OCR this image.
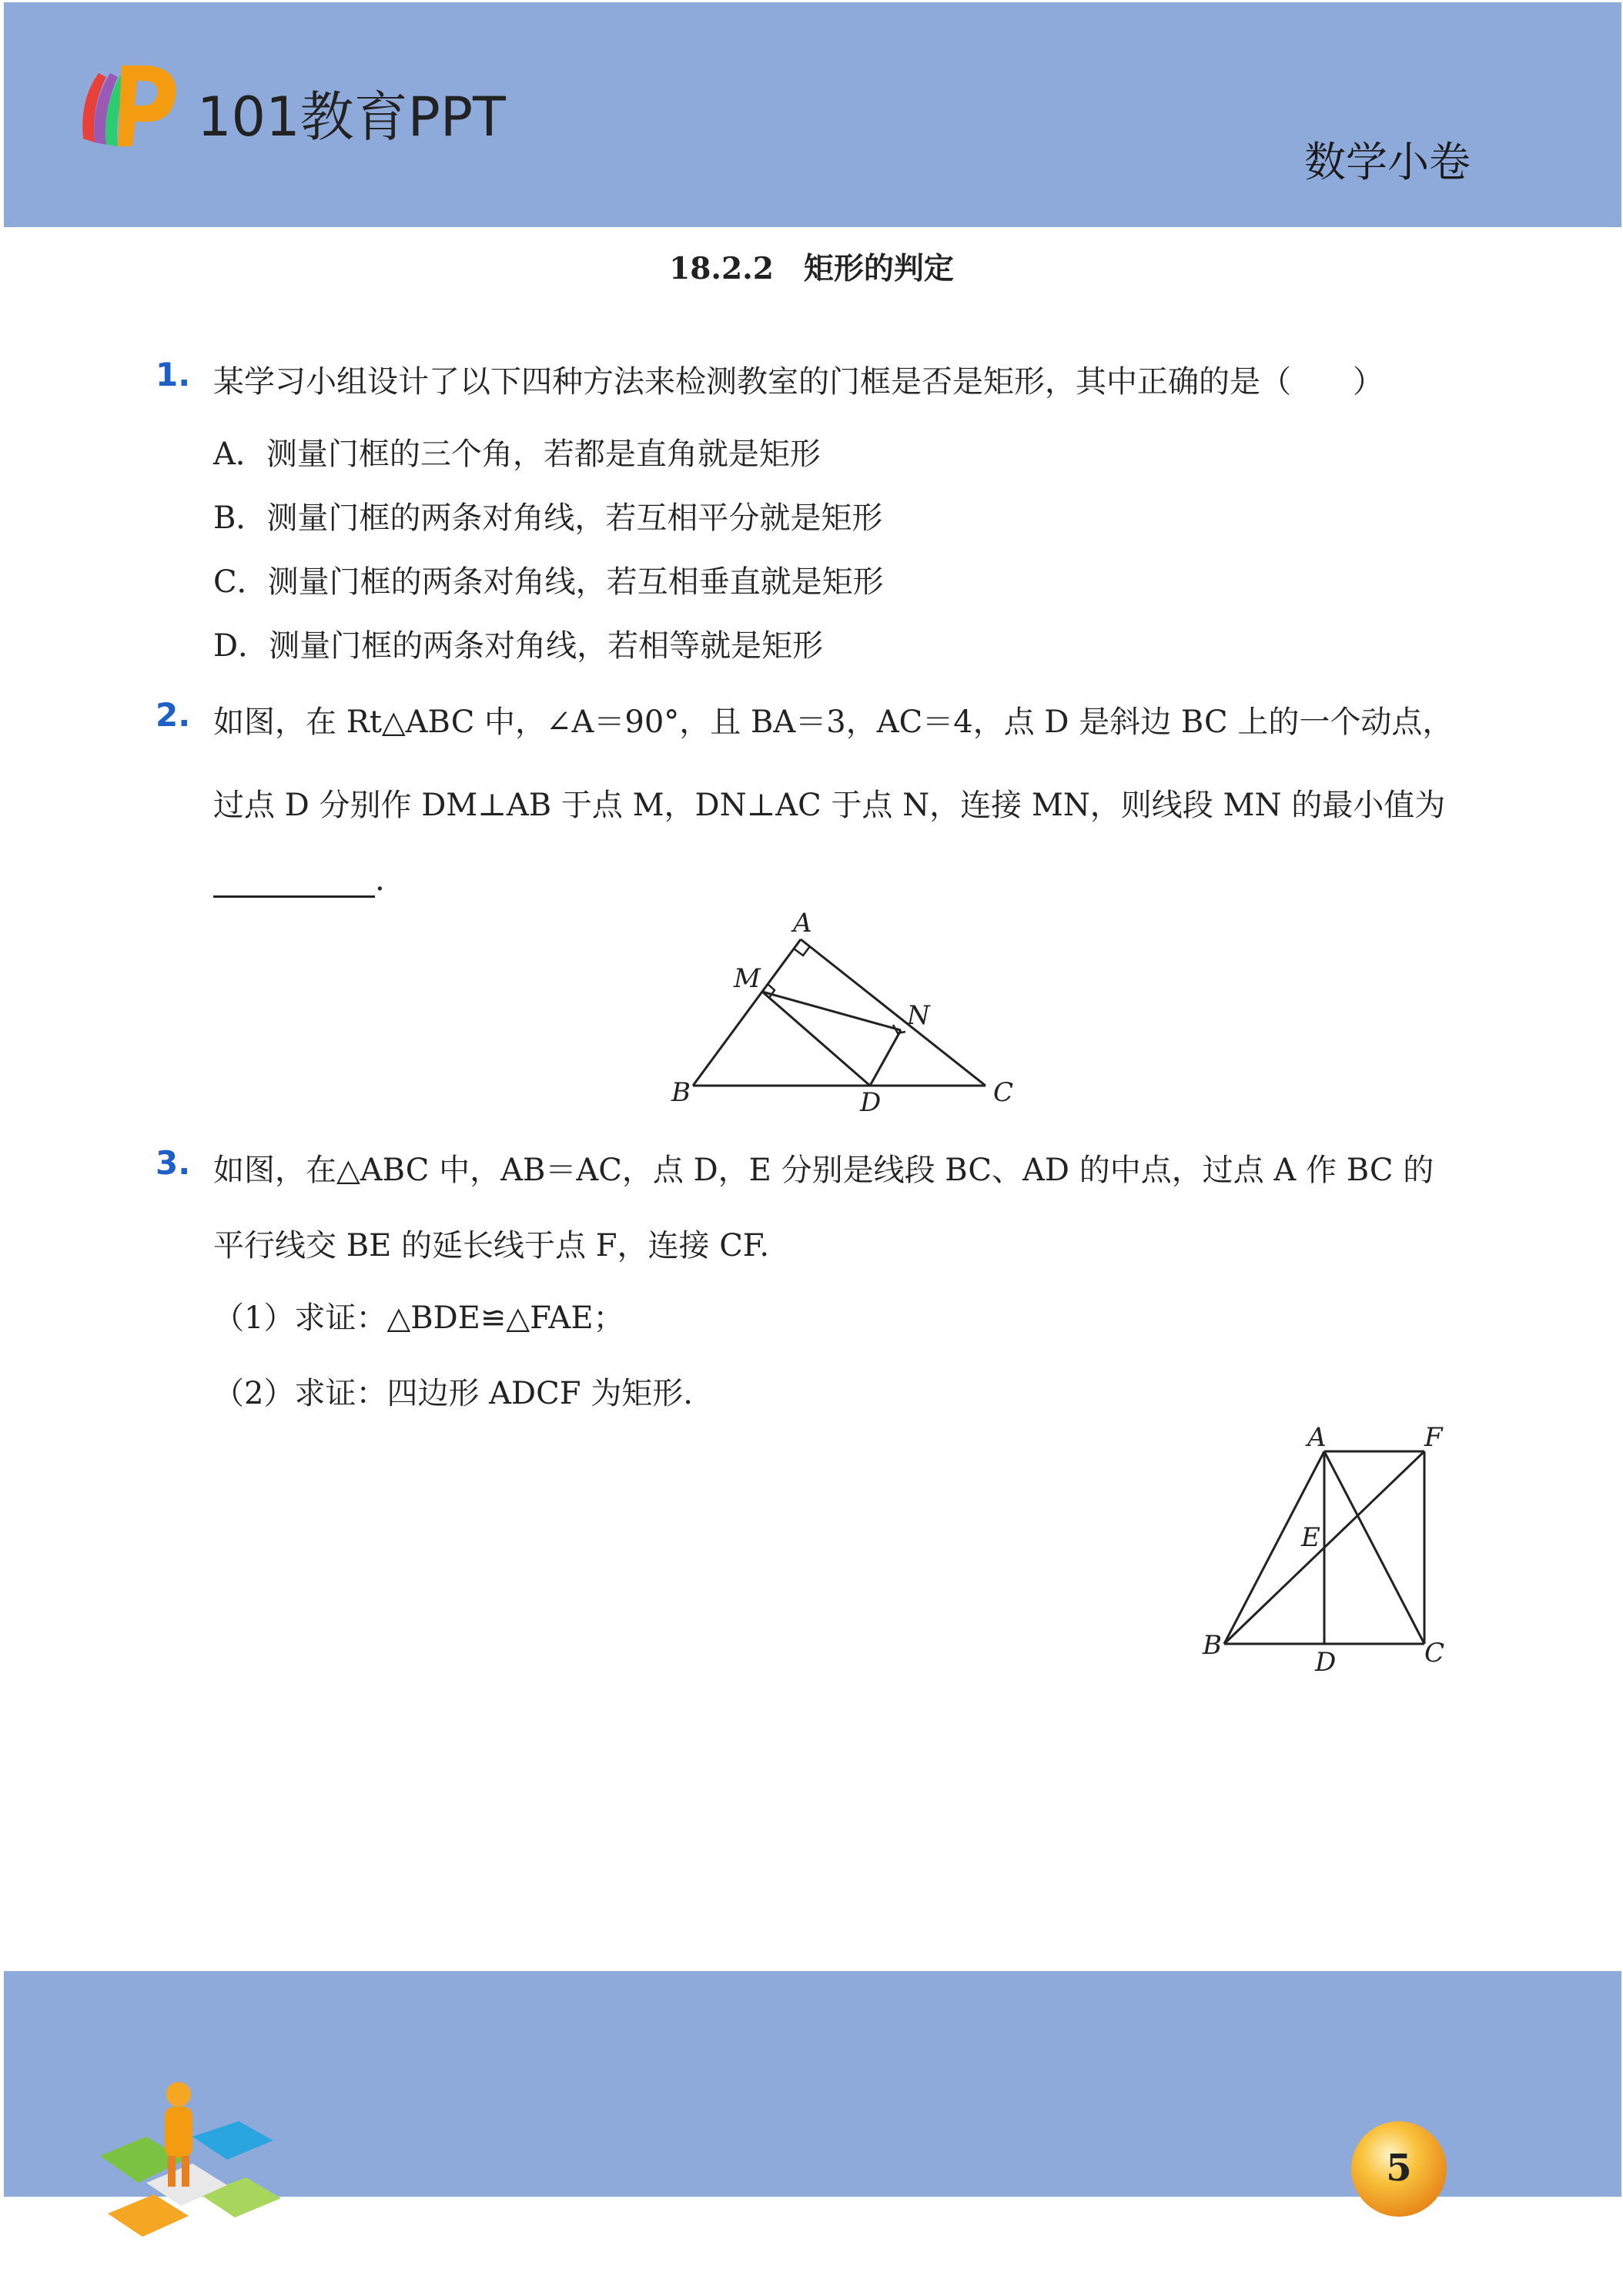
101教育PPT
数学小卷
18.2.2　矩形的判定
1. 某学习小组设计了以下四种方法来检测教室的门框是否是矩形，其中正确的是（　　）
A．测量门框的三个角，若都是直角就是矩形
B．测量门框的两条对角线，若互相平分就是矩形
C．测量门框的两条对角线，若互相垂直就是矩形
D．测量门框的两条对角线，若相等就是矩形
2. 如图，在 Rt△ABC 中，∠A＝90°，且 BA＝3，AC＝4，点 D 是斜边 BC 上的一个动点，
过点 D 分别作 DM⊥AB 于点 M，DN⊥AC 于点 N，连接 MN，则线段 MN 的最小值为
.
A
M
N
B	D	C
3. 如图，在△ABC 中，AB＝AC，点 D，E 分别是线段 BC、AD 的中点，过点 A 作 BC 的
平行线交 BE 的延长线于点 F，连接 CF.
（1）求证：△BDE≌△FAE；
（2）求证：四边形 ADCF 为矩形.
A	F
E
B
D	C
5
